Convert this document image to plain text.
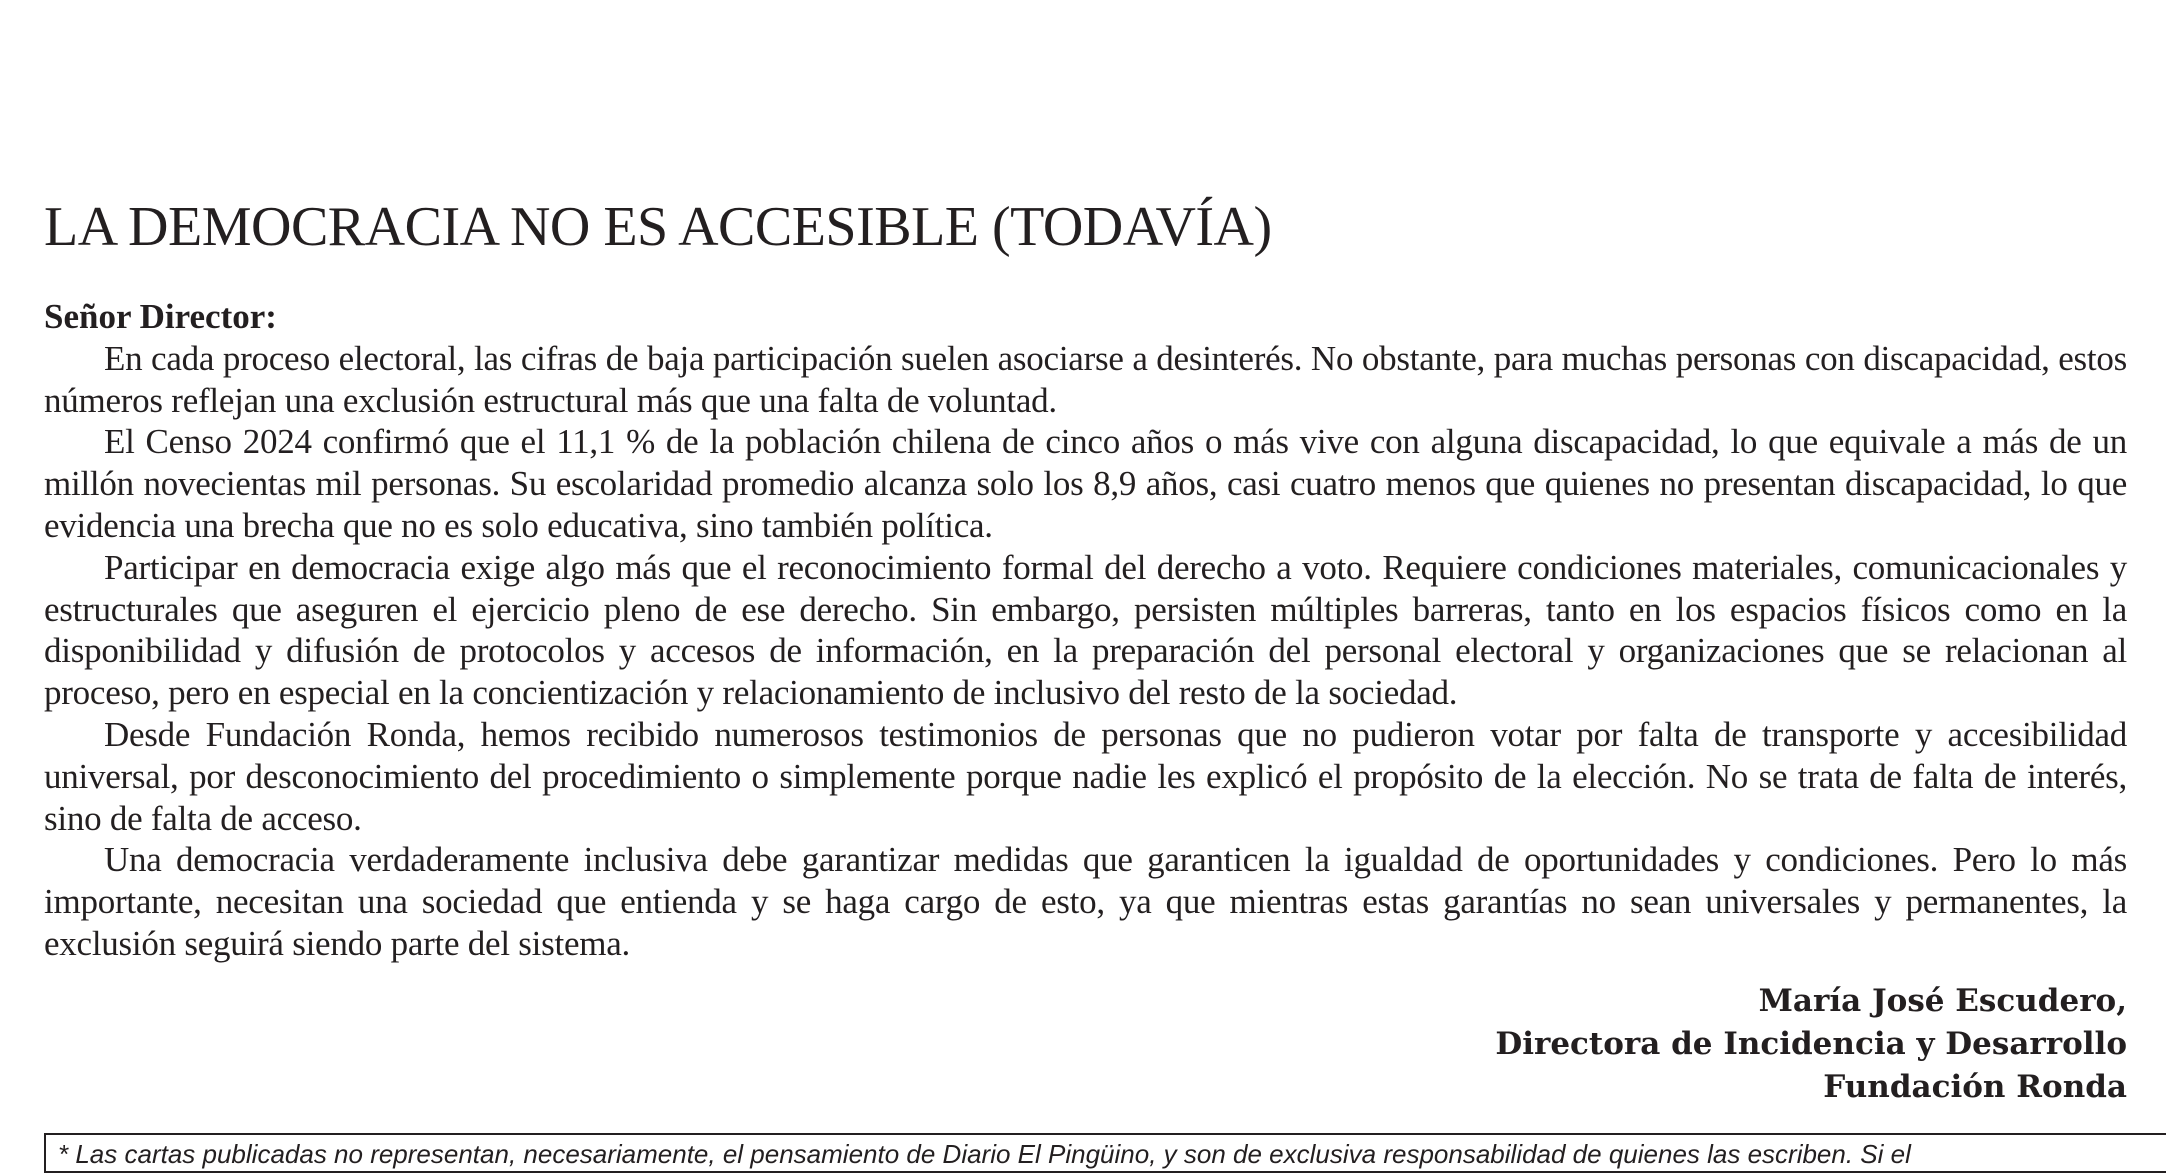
LA DEMOCRACIA NO ES ACCESIBLE (TODAVÍA)

Señor Director:

En cada proceso electoral, las cifras de baja participación suelen asociarse a desinterés. No obstante, para muchas personas con discapacidad, estos números reflejan una exclusión estructural más que una falta de voluntad.

El Censo 2024 confirmó que el 11,1 % de la población chilena de cinco años o más vive con alguna discapacidad, lo que equivale a más de un millón novecientas mil personas. Su escolaridad promedio alcanza solo los 8,9 años, casi cuatro menos que quienes no presentan discapacidad, lo que evidencia una brecha que no es solo educativa, sino también política.

Participar en democracia exige algo más que el reconocimiento formal del derecho a voto. Requiere condiciones materiales, comunicacionales y estructurales que aseguren el ejercicio pleno de ese derecho. Sin embargo, persisten múltiples barreras, tanto en los espacios físicos como en la disponibilidad y difusión de protocolos y accesos de información, en la preparación del personal electoral y organizaciones que se relacionan al proceso, pero en especial en la concientización y relacionamiento de inclusivo del resto de la sociedad.

Desde Fundación Ronda, hemos recibido numerosos testimonios de personas que no pudieron votar por falta de transporte y accesibilidad universal, por desconocimiento del procedimiento o simplemente porque nadie les explicó el propósito de la elección. No se trata de falta de interés, sino de falta de acceso.

Una democracia verdaderamente inclusiva debe garantizar medidas que garanticen la igualdad de oportunidades y condiciones. Pero lo más importante, necesitan una sociedad que entienda y se haga cargo de esto, ya que mientras estas garantías no sean universales y permanentes, la exclusión seguirá siendo parte del sistema.

María José Escudero,
Directora de Incidencia y Desarrollo
Fundación Ronda
* Las cartas publicadas no representan, necesariamente, el pensamiento de Diario El Pingüino, y son de exclusiva responsabilidad de quienes las escriben. Si el
